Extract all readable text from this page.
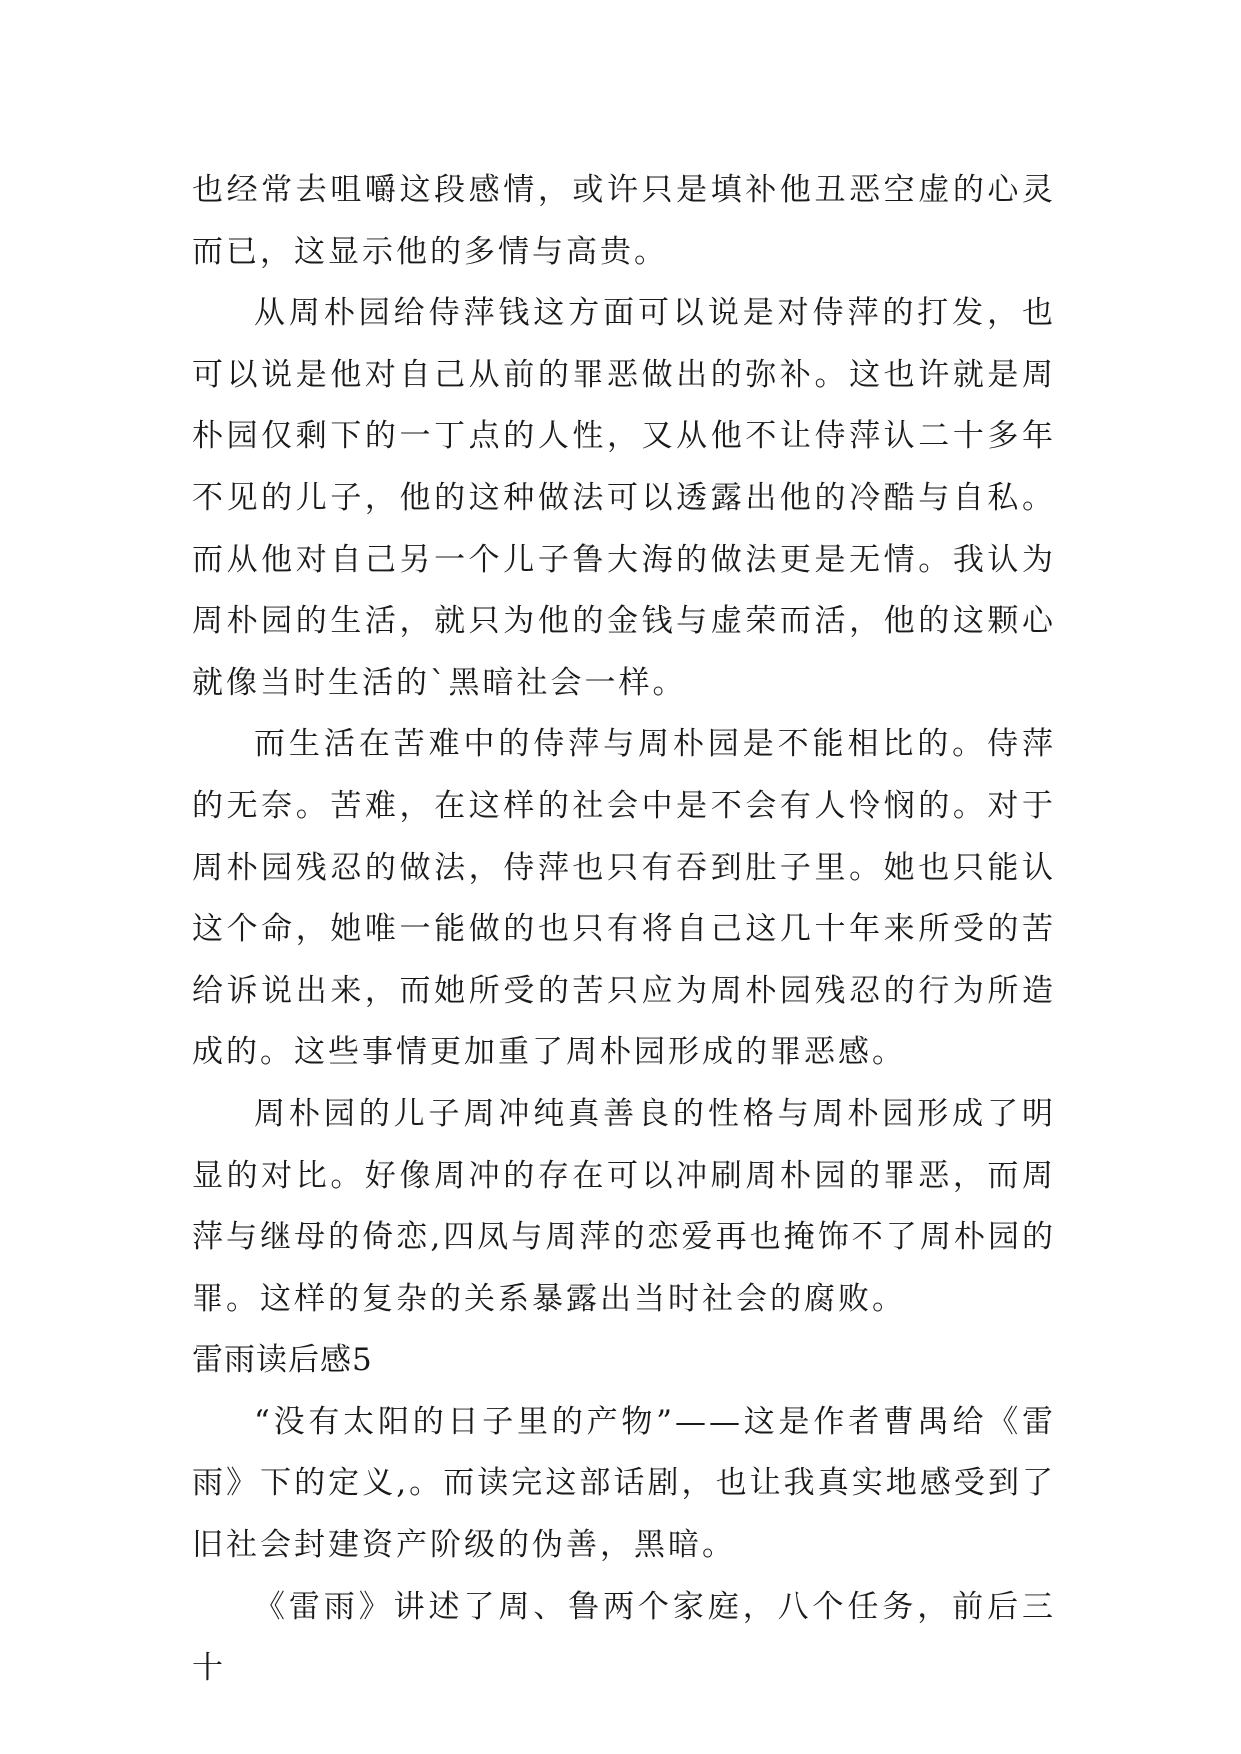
也经常去咀嚼这段感情，或许只是填补他丑恶空虚的心灵而已，这显示他的多情与高贵。

从周朴园给侍萍钱这方面可以说是对侍萍的打发，也可以说是他对自己从前的罪恶做出的弥补。这也许就是周朴园仅剩下的一丁点的人性，又从他不让侍萍认二十多年不见的儿子，他的这种做法可以透露出他的冷酷与自私。而从他对自己另一个儿子鲁大海的做法更是无情。我认为周朴园的生活，就只为他的金钱与虚荣而活，他的这颗心就像当时生活的`黑暗社会一样。

而生活在苦难中的侍萍与周朴园是不能相比的。侍萍的无奈。苦难，在这样的社会中是不会有人怜悯的。对于周朴园残忍的做法，侍萍也只有吞到肚子里。她也只能认这个命，她唯一能做的也只有将自己这几十年来所受的苦给诉说出来，而她所受的苦只应为周朴园残忍的行为所造成的。这些事情更加重了周朴园形成的罪恶感。

周朴园的儿子周冲纯真善良的性格与周朴园形成了明显的对比。好像周冲的存在可以冲刷周朴园的罪恶，而周萍与继母的倚恋,四凤与周萍的恋爱再也掩饰不了周朴园的罪。这样的复杂的关系暴露出当时社会的腐败。

雷雨读后感5

“没有太阳的日子里的产物”——这是作者曹禺给《雷雨》下的定义,。而读完这部话剧，也让我真实地感受到了旧社会封建资产阶级的伪善，黑暗。

《雷雨》讲述了周、鲁两个家庭，八个任务，前后三十
